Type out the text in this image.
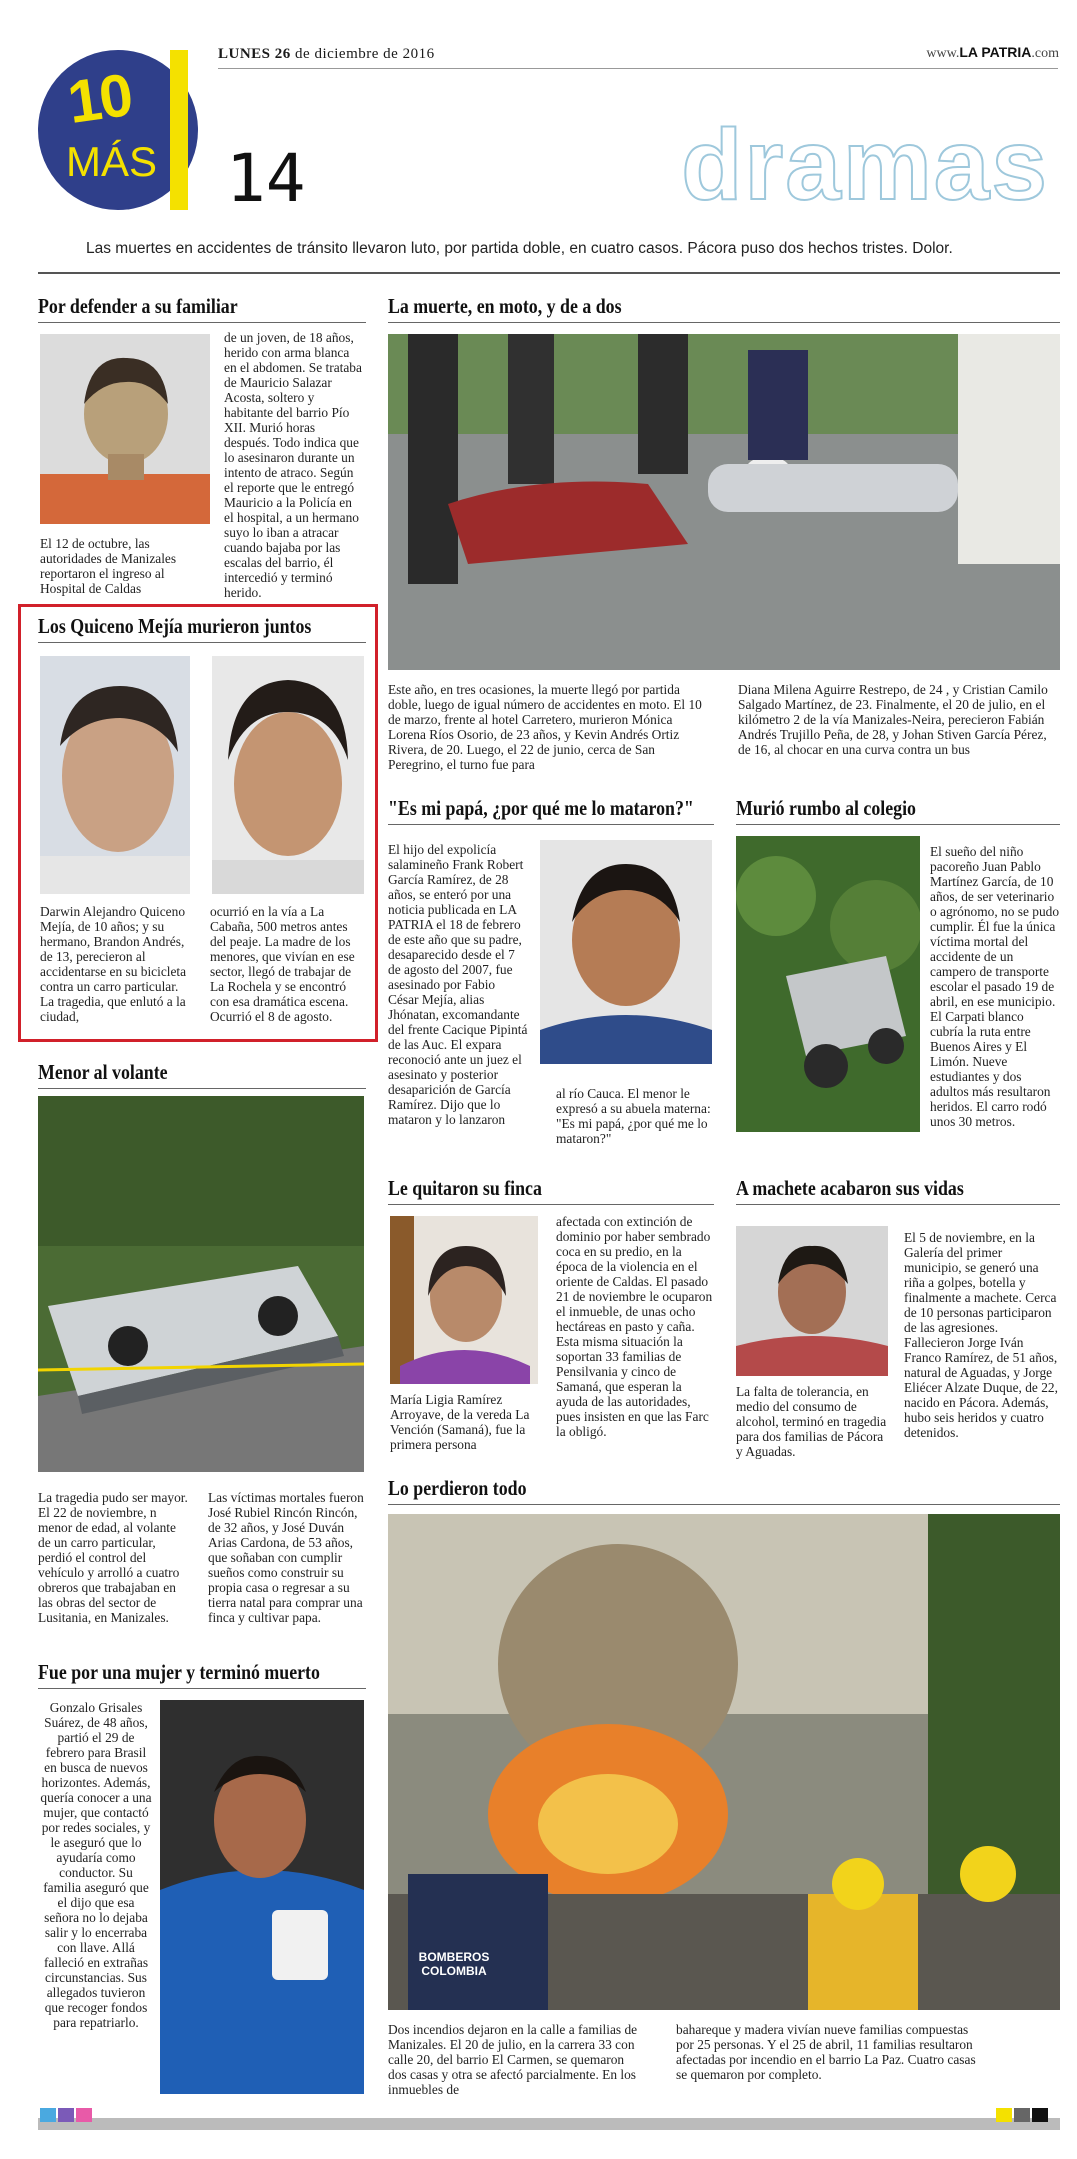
10
MÁS
LUNES 26 de diciembre de 2016	www.LA PATRIA.com
14	dramas
Las muertes en accidentes de tránsito llevaron luto, por partida doble, en cuatro casos. Pácora puso dos hechos tristes. Dolor.
Por defender a su familiar
El 12 de octubre, las autoridades de Manizales reportaron el ingreso al Hospital de Caldas
de un joven, de 18 años, herido con arma blanca en el abdomen. Se trataba de Mauricio Salazar Acosta, soltero y habitante del barrio Pío XII. Murió horas después. Todo indica que lo asesinaron durante un intento de atraco. Según el reporte que le entregó Mauricio a la Policía en el hospital, a un hermano suyo lo iban a atracar cuando bajaba por las escalas del barrio, él intercedió y terminó herido.
Los Quiceno Mejía murieron juntos
Darwin Alejandro Quiceno Mejía, de 10 años; y su hermano, Brandon Andrés, de 13, perecieron al accidentarse en su bicicleta contra un carro particular. La tragedia, que enlutó a la ciudad,
ocurrió en la vía a La Cabaña, 500 metros antes del peaje. La madre de los menores, que vivían en ese sector, llegó de trabajar de La Rochela y se encontró con esa dramática escena. Ocurrió el 8 de agosto.
Menor al volante
La tragedia pudo ser mayor. El 22 de noviembre, n menor de edad, al volante de un carro particular, perdió el control del vehículo y arrolló a cuatro obreros que trabajaban en las obras del sector de Lusitania, en Manizales.
Las víctimas mortales fueron José Rubiel Rincón Rincón, de 32 años, y José Duván Arias Cardona, de 53 años, que soñaban con cumplir sueños como construir su propia casa o regresar a su tierra natal para comprar una finca y cultivar papa.
Fue por una mujer y terminó muerto
Gonzalo Grisales Suárez, de 48 años, partió el 29 de febrero para Brasil en busca de nuevos horizontes. Además, quería conocer a una mujer, que contactó por redes sociales, y le aseguró que lo ayudaría como conductor. Su familia aseguró que el dijo que esa señora no lo dejaba salir y lo encerraba con llave. Allá falleció en extrañas circunstancias. Sus allegados tuvieron que recoger fondos para repatriarlo.
La muerte, en moto, y de a dos
Este año, en tres ocasiones, la muerte llegó por partida doble, luego de igual número de accidentes en moto. El 10 de marzo, frente al hotel Carretero, murieron Mónica Lorena Ríos Osorio, de 23 años, y Kevin Andrés Ortiz Rivera, de 20. Luego, el 22 de junio, cerca de San Peregrino, el turno fue para
Diana Milena Aguirre Restrepo, de 24 , y Cristian Camilo Salgado Martínez, de 23. Finalmente, el 20 de julio, en el kilómetro 2 de la vía Manizales-Neira, perecieron Fabián Andrés Trujillo Peña, de 28, y Johan Stiven García Pérez, de 16, al chocar en una curva contra un bus
"Es mi papá, ¿por qué me lo mataron?"
El hijo del expolicía salamineño Frank Robert García Ramírez, de 28 años, se enteró por una noticia publicada en LA PATRIA el 18 de febrero de este año que su padre, desaparecido desde el 7 de agosto del 2007, fue asesinado por Fabio César Mejía, alias Jhónatan, excomandante del frente Cacique Pipintá de las Auc. El expara reconoció ante un juez el asesinato y posterior desaparición de García Ramírez. Dijo que lo mataron y lo lanzaron
al río Cauca. El menor le expresó a su abuela materna: "Es mi papá, ¿por qué me lo mataron?"
Murió rumbo al colegio
El sueño del niño pacoreño Juan Pablo Martínez García, de 10 años, de ser veterinario o agrónomo, no se pudo cumplir. Él fue la única víctima mortal del accidente de un campero de transporte escolar el pasado 19 de abril, en ese municipio. El Carpati blanco cubría la ruta entre Buenos Aires y El Limón. Nueve estudiantes y dos adultos más resultaron heridos. El carro rodó unos 30 metros.
Le quitaron su finca
María Ligia Ramírez Arroyave, de la vereda La Vención (Samaná), fue la primera persona
afectada con extinción de dominio por haber sembrado coca en su predio, en la época de la violencia en el oriente de Caldas. El pasado 21 de noviembre le ocuparon el inmueble, de unas ocho hectáreas en pasto y caña. Esta misma situación la soportan 33 familias de Pensilvania y cinco de Samaná, que esperan la ayuda de las autoridades, pues insisten en que las Farc la obligó.
A machete acabaron sus vidas
La falta de tolerancia, en medio del consumo de alcohol, terminó en tragedia para dos familias de Pácora y Aguadas.
El 5 de noviembre, en la Galería del primer municipio, se generó una riña a golpes, botella y finalmente a machete. Cerca de 10 personas participaron de las agresiones. Fallecieron Jorge Iván Franco Ramírez, de 51 años, natural de Aguadas, y Jorge Eliécer Alzate Duque, de 22, nacido en Pácora. Además, hubo seis heridos y cuatro detenidos.
Lo perdieron todo
BOMBEROS COLOMBIA
Dos incendios dejaron en la calle a familias de Manizales. El 20 de julio, en la carrera 33 con calle 20, del barrio El Carmen, se quemaron dos casas y otra se afectó parcialmente. En los inmuebles de
bahareque y madera vivían nueve familias compuestas por 25 personas. Y el 25 de abril, 11 familias resultaron afectadas por incendio en el barrio La Paz. Cuatro casas se quemaron por completo.
